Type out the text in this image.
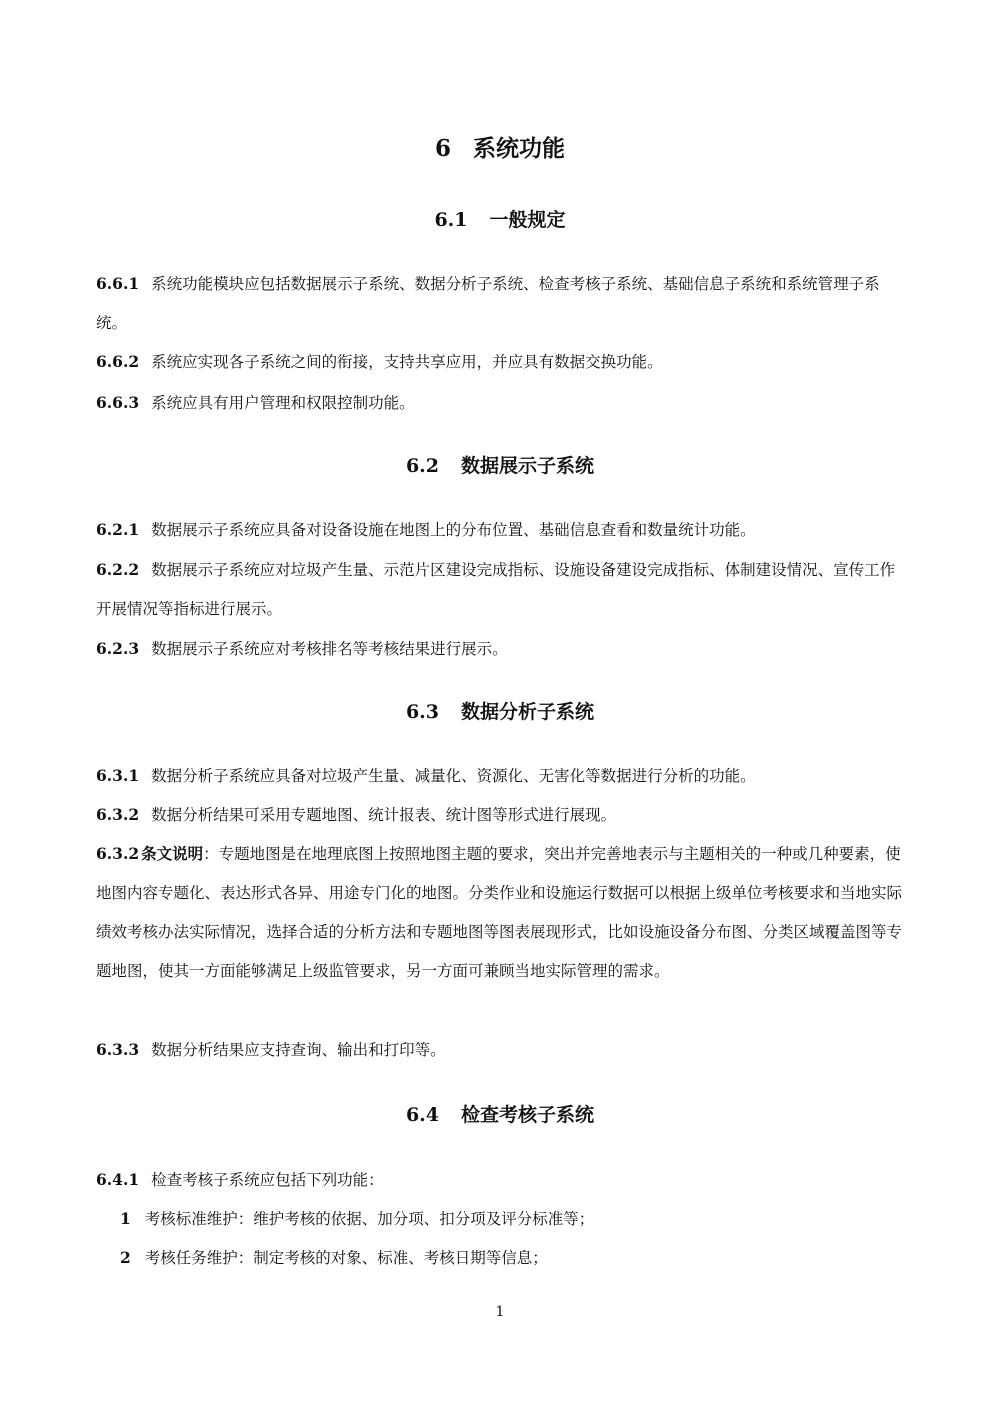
6 系统功能
6.1 一般规定
6.6.1 系统功能模块应包括数据展示子系统、数据分析子系统、检查考核子系统、基础信息子系统和系统管理子系统。
6.6.2 系统应实现各子系统之间的衔接，支持共享应用，并应具有数据交换功能。
6.6.3 系统应具有用户管理和权限控制功能。
6.2 数据展示子系统
6.2.1 数据展示子系统应具备对设备设施在地图上的分布位置、基础信息查看和数量统计功能。
6.2.2 数据展示子系统应对垃圾产生量、示范片区建设完成指标、设施设备建设完成指标、体制建设情况、宣传工作开展情况等指标进行展示。
6.2.3 数据展示子系统应对考核排名等考核结果进行展示。
6.3 数据分析子系统
6.3.1 数据分析子系统应具备对垃圾产生量、减量化、资源化、无害化等数据进行分析的功能。
6.3.2 数据分析结果可采用专题地图、统计报表、统计图等形式进行展现。
6.3.2 条文说明：专题地图是在地理底图上按照地图主题的要求，突出并完善地表示与主题相关的一种或几种要素，使地图内容专题化、表达形式各异、用途专门化的地图。分类作业和设施运行数据可以根据上级单位考核要求和当地实际绩效考核办法实际情况，选择合适的分析方法和专题地图等图表展现形式，比如设施设备分布图、分类区域覆盖图等专题地图，使其一方面能够满足上级监管要求，另一方面可兼顾当地实际管理的需求。
6.3.3 数据分析结果应支持查询、输出和打印等。
6.4 检查考核子系统
6.4.1 检查考核子系统应包括下列功能：
1 考核标准维护：维护考核的依据、加分项、扣分项及评分标准等；
2 考核任务维护：制定考核的对象、标准、考核日期等信息；
1
